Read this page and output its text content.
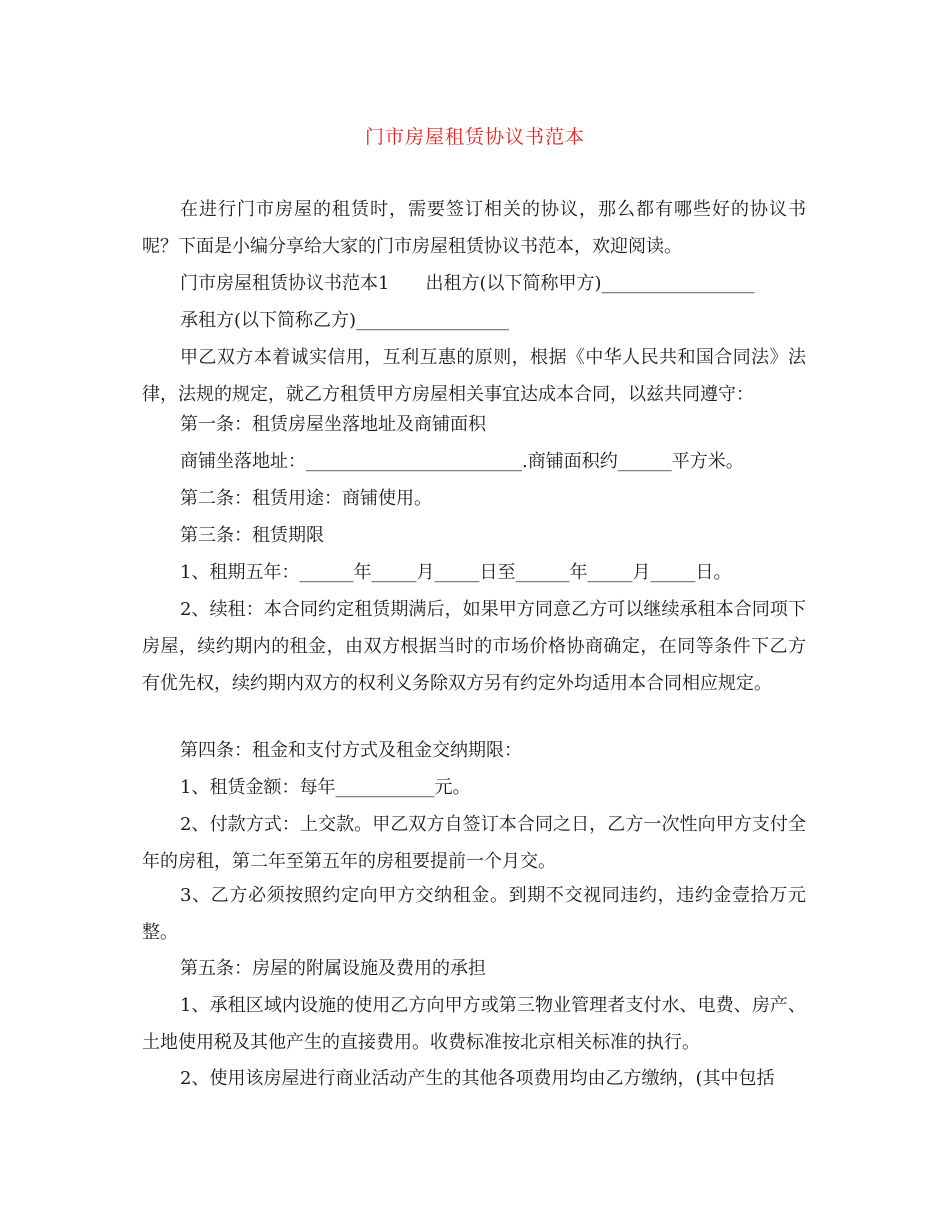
门市房屋租赁协议书范本

在进行门市房屋的租赁时，需要签订相关的协议，那么都有哪些好的协议书呢？下面是小编分享给大家的门市房屋租赁协议书范本，欢迎阅读。

门市房屋租赁协议书范本1　　出租方(以下简称甲方)_________________

承租方(以下简称乙方)_________________

甲乙双方本着诚实信用，互利互惠的原则，根据《中华人民共和国合同法》法律，法规的规定，就乙方租赁甲方房屋相关事宜达成本合同，以兹共同遵守：

第一条：租赁房屋坐落地址及商铺面积

商铺坐落地址：________________________.商铺面积约______平方米。

第二条：租赁用途：商铺使用。

第三条：租赁期限

1、租期五年：______年_____月_____日至______年_____月_____日。

2、续租：本合同约定租赁期满后，如果甲方同意乙方可以继续承租本合同项下房屋，续约期内的租金，由双方根据当时的市场价格协商确定，在同等条件下乙方有优先权，续约期内双方的权利义务除双方另有约定外均适用本合同相应规定。

第四条：租金和支付方式及租金交纳期限：

1、租赁金额：每年___________元。

2、付款方式：上交款。甲乙双方自签订本合同之日，乙方一次性向甲方支付全年的房租，第二年至第五年的房租要提前一个月交。

3、乙方必须按照约定向甲方交纳租金。到期不交视同违约，违约金壹拾万元整。

第五条：房屋的附属设施及费用的承担

1、承租区域内设施的使用乙方向甲方或第三物业管理者支付水、电费、房产、土地使用税及其他产生的直接费用。收费标准按北京相关标准的执行。

2、使用该房屋进行商业活动产生的其他各项费用均由乙方缴纳，(其中包括
